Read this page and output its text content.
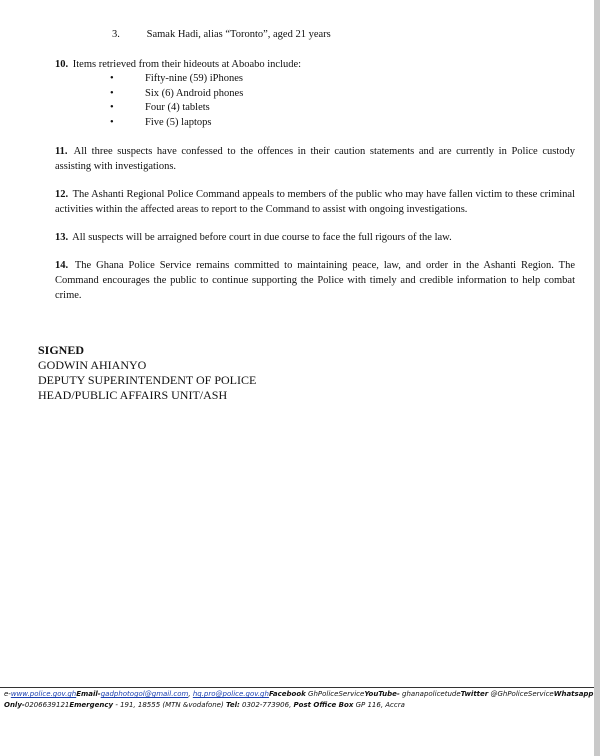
3.	Samak Hadi, alias “Toronto”, aged 21 years
10. Items retrieved from their hideouts at Aboabo include:
•	Fifty-nine (59) iPhones
•	Six (6) Android phones
•	Four (4) tablets
•	Five (5) laptops
11. All three suspects have confessed to the offences in their caution statements and are currently in Police custody assisting with investigations.
12. The Ashanti Regional Police Command appeals to members of the public who may have fallen victim to these criminal activities within the affected areas to report to the Command to assist with ongoing investigations.
13. All suspects will be arraigned before court in due course to face the full rigours of the law.
14. The Ghana Police Service remains committed to maintaining peace, law, and order in the Ashanti Region. The Command encourages the public to continue supporting the Police with timely and credible information to help combat crime.
SIGNED
GODWIN AHIANYO
DEPUTY SUPERINTENDENT OF POLICE
HEAD/PUBLIC AFFAIRS UNIT/ASH
e-www.police.gov.ghEmail-gadphotogol@gmail.com, hq.pro@police.gov.ghFacebook GhPoliceServiceYouTube- ghanapolicetudeTwitter @GhPoliceServiceWhatsapp
Only-0206639121Emergency - 191, 18555 (MTN &vodafone) Tel: 0302-773906, Post Office Box GP 116, Accra
